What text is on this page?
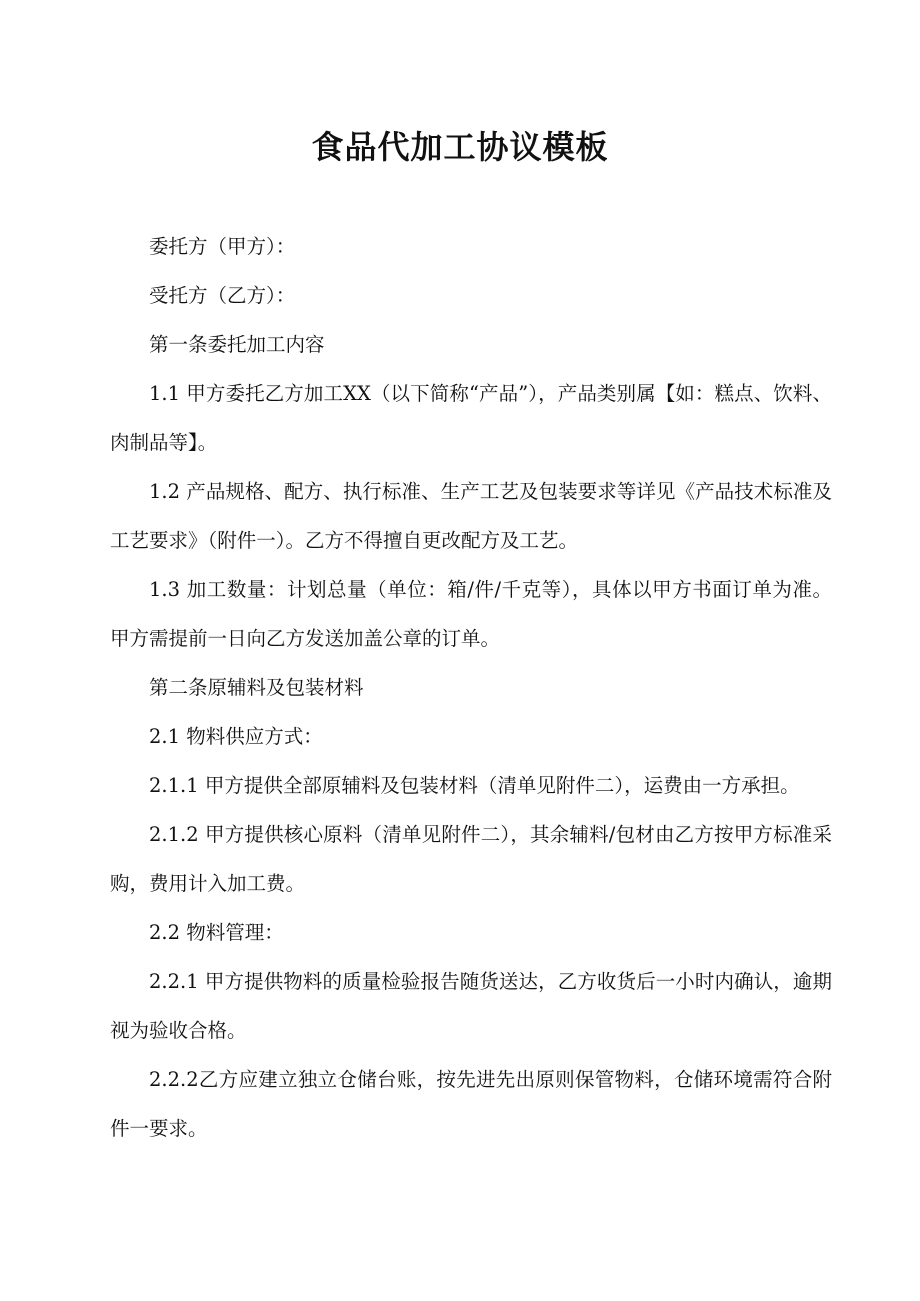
食品代加工协议模板

委托方（甲方）：

受托方（乙方）：

第一条委托加工内容

1.1 甲方委托乙方加工XX（以下简称“产品”），产品类别属【如：糕点、饮料、肉制品等】。

1.2 产品规格、配方、执行标准、生产工艺及包装要求等详见《产品技术标准及工艺要求》（附件一）。乙方不得擅自更改配方及工艺。

1.3 加工数量：计划总量（单位：箱/件/千克等），具体以甲方书面订单为准。甲方需提前一日向乙方发送加盖公章的订单。

第二条原辅料及包装材料

2.1 物料供应方式：

2.1.1 甲方提供全部原辅料及包装材料（清单见附件二），运费由一方承担。

2.1.2 甲方提供核心原料（清单见附件二），其余辅料/包材由乙方按甲方标准采购，费用计入加工费。

2.2 物料管理：

2.2.1 甲方提供物料的质量检验报告随货送达，乙方收货后一小时内确认，逾期视为验收合格。

2.2.2乙方应建立独立仓储台账，按先进先出原则保管物料，仓储环境需符合附件一要求。
